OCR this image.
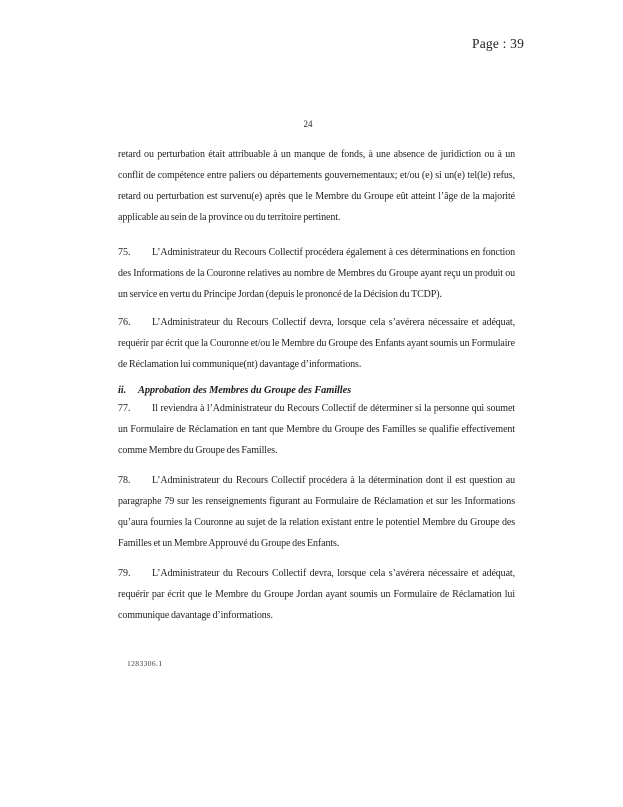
Page : 39
24
retard ou perturbation était attribuable à un manque de fonds, à une absence de juridiction ou à un conflit de compétence entre paliers ou départements gouvernementaux; et/ou (e) si un(e) tel(le) refus, retard ou perturbation est survenu(e) après que le Membre du Groupe eût atteint l’âge de la majorité applicable au sein de la province ou du territoire pertinent.
75. L’Administrateur du Recours Collectif procédera également à ces déterminations en fonction des Informations de la Couronne relatives au nombre de Membres du Groupe ayant reçu un produit ou un service en vertu du Principe Jordan (depuis le prononcé de la Décision du TCDP).
76. L’Administrateur du Recours Collectif devra, lorsque cela s’avérera nécessaire et adéquat, requérir par écrit que la Couronne et/ou le Membre du Groupe des Enfants ayant soumis un Formulaire de Réclamation lui communique(nt) davantage d’informations.
ii. Approbation des Membres du Groupe des Familles
77. Il reviendra à l’Administrateur du Recours Collectif de déterminer si la personne qui soumet un Formulaire de Réclamation en tant que Membre du Groupe des Familles se qualifie effectivement comme Membre du Groupe des Familles.
78. L’Administrateur du Recours Collectif procédera à la détermination dont il est question au paragraphe 79 sur les renseignements figurant au Formulaire de Réclamation et sur les Informations qu’aura fournies la Couronne au sujet de la relation existant entre le potentiel Membre du Groupe des Familles et un Membre Approuvé du Groupe des Enfants.
79. L’Administrateur du Recours Collectif devra, lorsque cela s’avérera nécessaire et adéquat, requérir par écrit que le Membre du Groupe Jordan ayant soumis un Formulaire de Réclamation lui communique davantage d’informations.
1283306.1
